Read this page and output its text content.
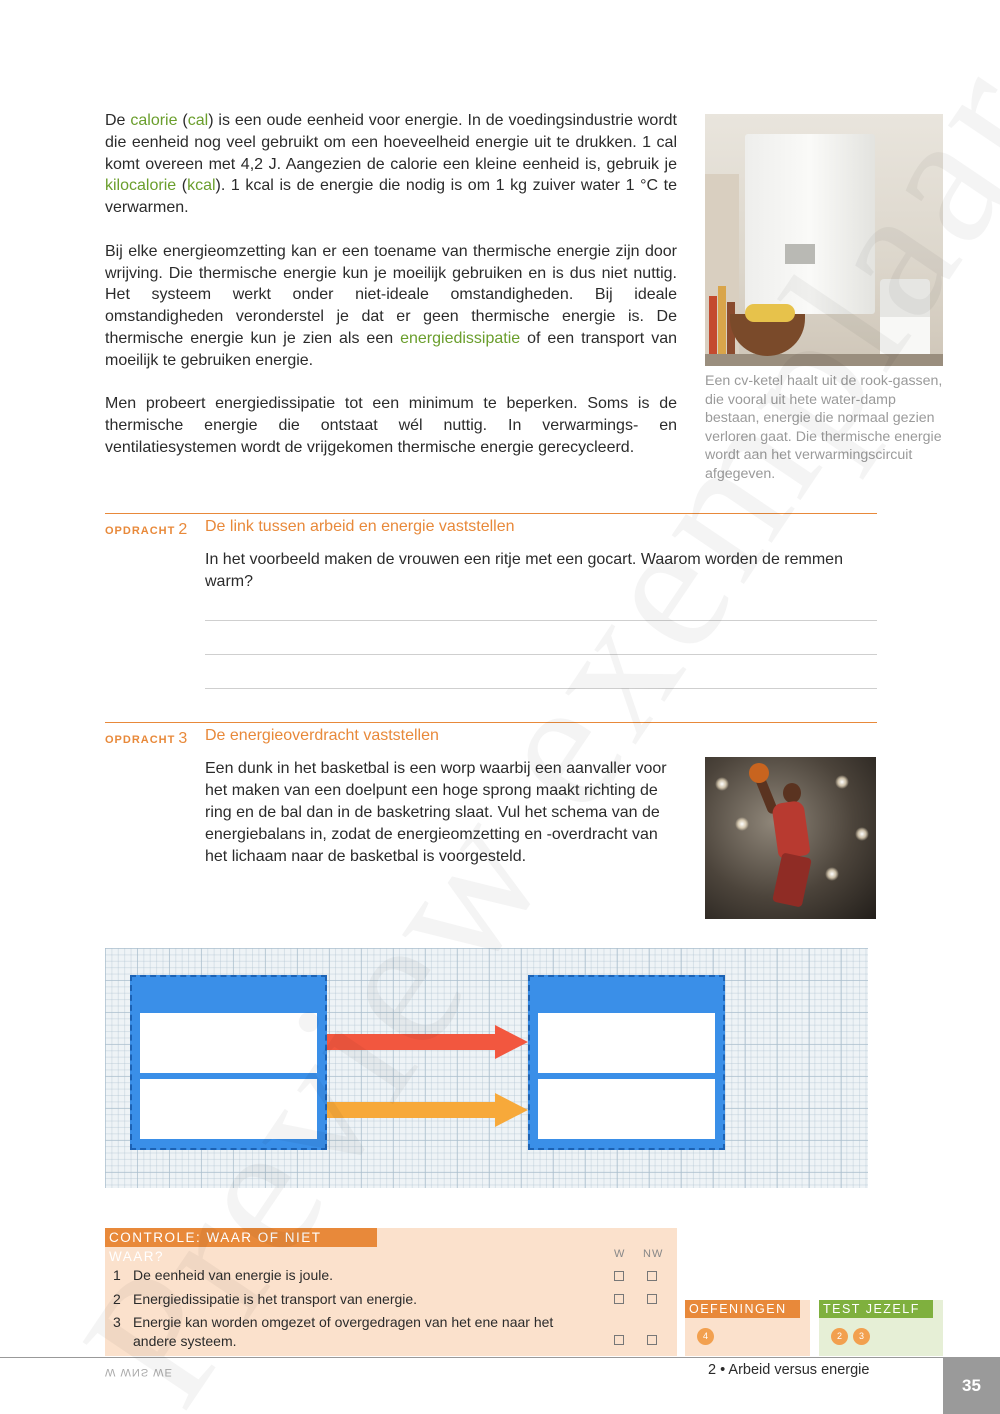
De calorie (cal) is een oude eenheid voor energie. In de voedingsindustrie wordt die eenheid nog veel gebruikt om een hoeveelheid energie uit te drukken. 1 cal komt overeen met 4,2 J. Aangezien de calorie een kleine eenheid is, gebruik je kilocalorie (kcal). 1 kcal is de energie die nodig is om 1 kg zuiver water 1 °C te verwarmen.

Bij elke energieomzetting kan er een toename van thermische energie zijn door wrijving. Die thermische energie kun je moeilijk gebruiken en is dus niet nuttig. Het systeem werkt onder niet-ideale omstandigheden. Bij ideale omstandigheden veronderstel je dat er geen thermische energie is. De thermische energie kun je zien als een energiedissipatie of een transport van moeilijk te gebruiken energie.

Men probeert energiedissipatie tot een minimum te beperken. Soms is de thermische energie die ontstaat wél nuttig. In verwarmings- en ventilatiesystemen wordt de vrijgekomen thermische energie gerecycleerd.

Een cv-ketel haalt uit de rook-gassen, die vooral uit hete water-damp bestaan, energie die normaal gezien verloren gaat. Die thermische energie wordt aan het verwarmingscircuit afgegeven.
OPDRACHT 2 De link tussen arbeid en energie vaststellen
In het voorbeeld maken de vrouwen een ritje met een gocart. Waarom worden de remmen warm?
OPDRACHT 3 De energieoverdracht vaststellen
Een dunk in het basketbal is een worp waarbij een aanvaller voor het maken van een doelpunt een hoge sprong maakt richting de ring en de bal dan in de basketring slaat. Vul het schema van de energiebalans in, zodat de energieomzetting en -overdracht van het lichaam naar de basketbal is voorgesteld.
CONTROLE: WAAR OF NIET WAAR?	W NW
1 De eenheid van energie is joule.
2 Energiedissipatie is het transport van energie.
3 Energie kan worden omgezet of overgedragen van het ene naar het andere systeem.
OEFENINGEN
4
TEST JEZELF
2	3
W WNS WE	2 • Arbeid versus energie
35
